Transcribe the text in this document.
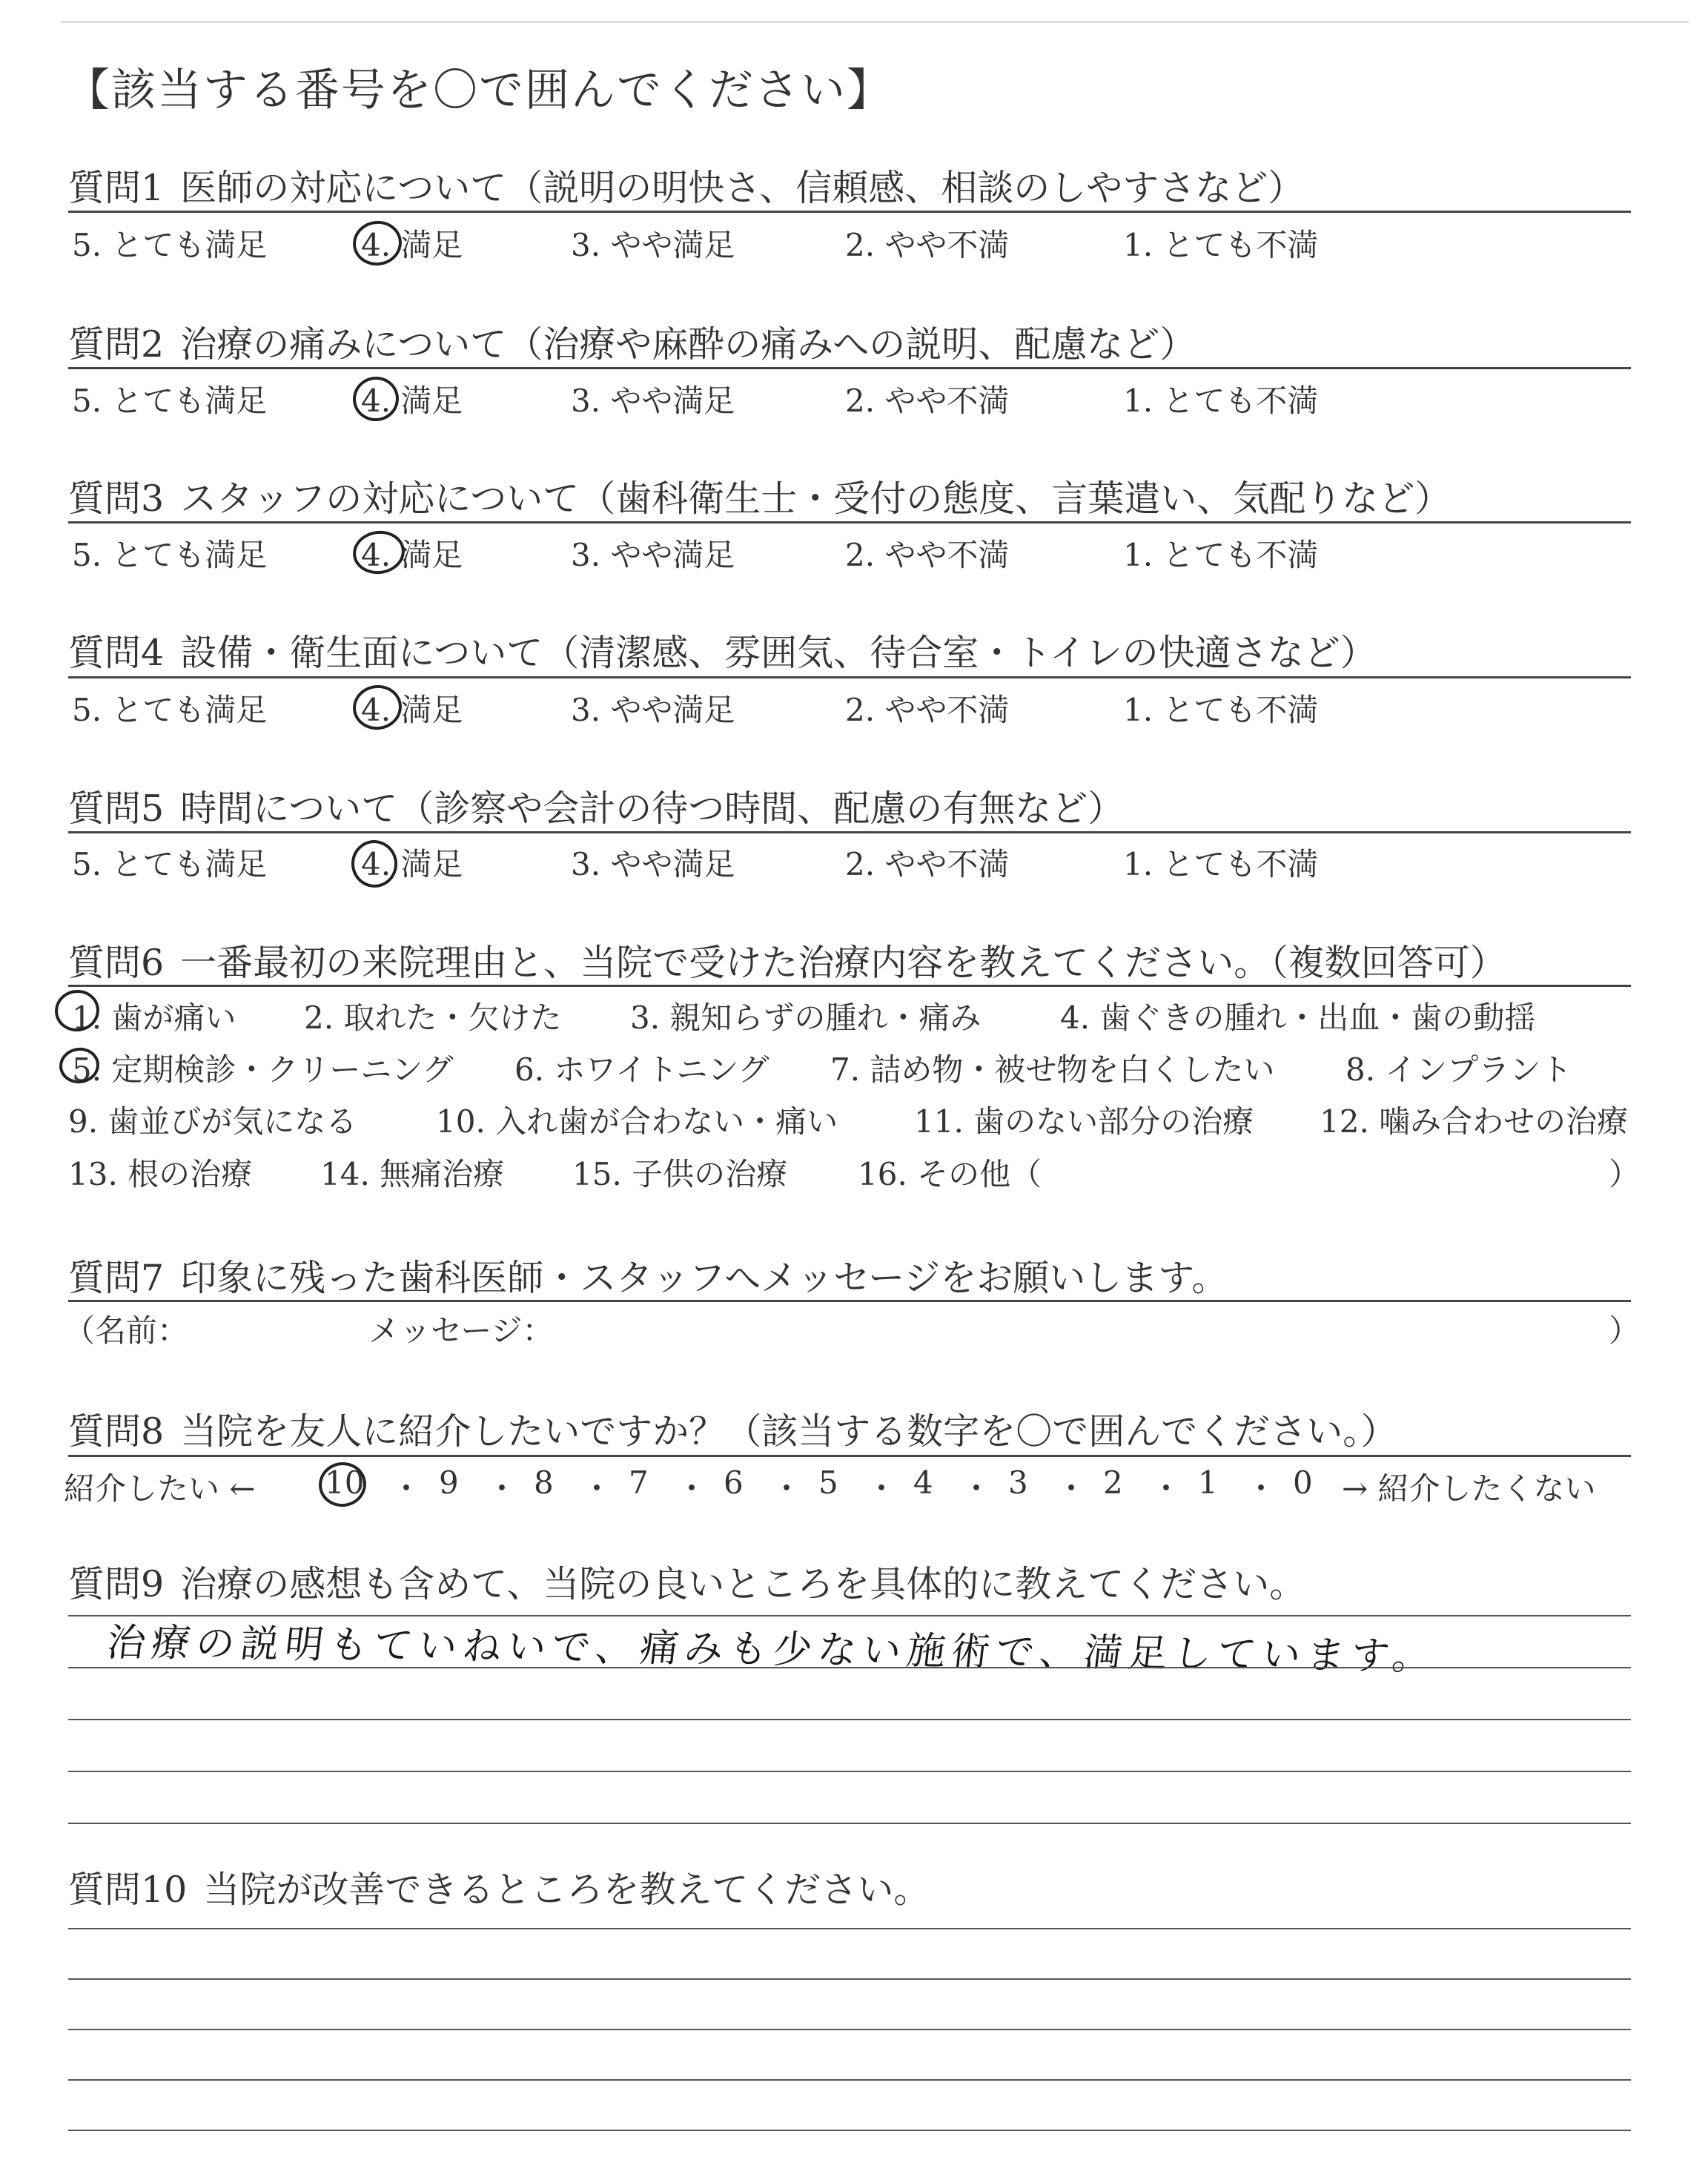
【該当する番号を〇で囲んでください】
質問1 医師の対応について（説明の明快さ、信頼感、相談のしやすさなど）
5. とても満足	4. 満足	3. やや満足	2. やや不満	1. とても不満
質問2 治療の痛みについて（治療や麻酔の痛みへの説明、配慮など）
5. とても満足	4. 満足	3. やや満足	2. やや不満	1. とても不満
質問3 スタッフの対応について（歯科衛生士・受付の態度、言葉遣い、気配りなど）
5. とても満足	4. 満足	3. やや満足	2. やや不満	1. とても不満
質問4 設備・衛生面について（清潔感、雰囲気、待合室・トイレの快適さなど）
5. とても満足	4. 満足	3. やや満足	2. やや不満	1. とても不満
質問5 時間について（診察や会計の待つ時間、配慮の有無など）
5. とても満足	4. 満足	3. やや満足	2. やや不満	1. とても不満
質問6 一番最初の来院理由と、当院で受けた治療内容を教えてください。（複数回答可）
1. 歯が痛い 2. 取れた・欠けた 3. 親知らずの腫れ・痛み	4. 歯ぐきの腫れ・出血・歯の動揺
5. 定期検診・クリーニング 6. ホワイトニング 7. 詰め物・被せ物を白くしたい 8. インプラント
9. 歯並びが気になる	10. 入れ歯が合わない・痛い 11. 歯のない部分の治療 12. 噛み合わせの治療
13. 根の治療 14. 無痛治療 15. 子供の治療 16. その他（	）
質問7 印象に残った歯科医師・スタッフへメッセージをお願いします。
（名前：	メッセージ：	）
質問8 当院を友人に紹介したいですか？（該当する数字を〇で囲んでください。）
紹介したい ← 10 ・ 9 ・ 8 ・ 7 ・ 6 ・ 5 ・ 4 ・ 3 ・ 2 ・ 1 ・ 0 → 紹介したくない
質問9 治療の感想も含めて、当院の良いところを具体的に教えてください。
治療の説明もていねいで、痛みも少ない施術で、満足しています。
質問10 当院が改善できるところを教えてください。
